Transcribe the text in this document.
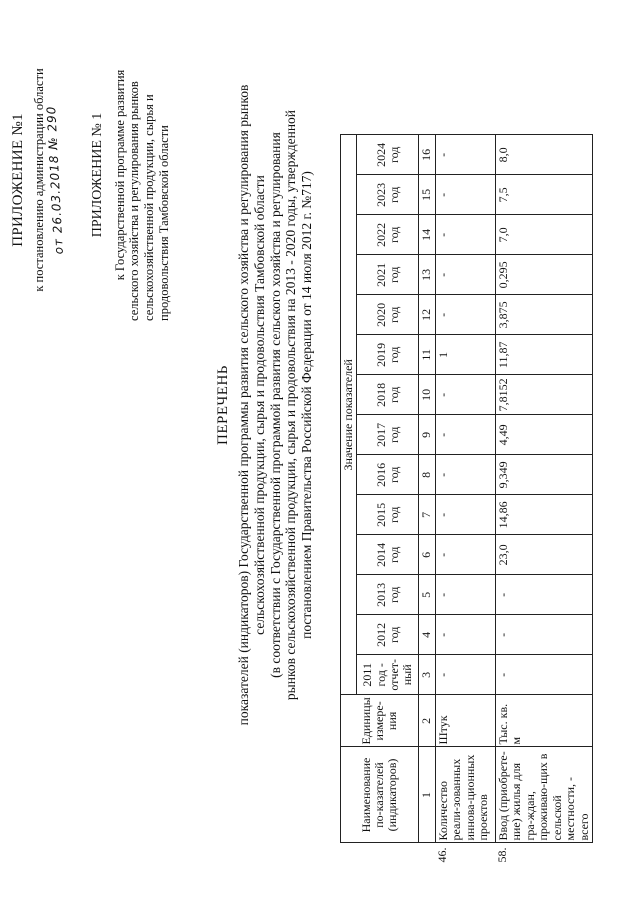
ПРИЛОЖЕНИЕ №1 к постановлению администрации области
от 26.03.2018 № 290	ПРИЛОЖЕНИЕ № 1 к Государственной программе развития сельского хозяйства и регулирования рынков сельскохозяйственной продукции, сырья и продовольствия Тамбовской области
ПЕРЕЧЕНЬ показателей (индикаторов) Государственной программы развития сельского хозяйства и регулирования рынков сельскохозяйственной продукции, сырья и продовольствия Тамбовской области (в соответствии с Государственной программой развития сельского хозяйства и регулирования рынков сельскохозяйственной продукции, сырья и продовольствия на 2013 - 2020 годы, утвержденной постановлением Правительства Российской Федерации от 14 июля 2012 г. №717)
	Наименование по-казателей (индикаторов)	Единицы измере-ния	Значение показателей													
			2011 год - отчет-ный	2012 год	2013 год	2014 год	2015 год	2016 год	2017 год	2018 год	2019 год	2020 год	2021 год	2022 год	2023 год	2024 год
	1	2	3	4	5	6	7	8	9	10	11	12	13	14	15	16
46.	Количество реали-зованных иннова-ционных проектов	Штук	-	-	-	-	-	-	-	-	1	-	-	-	-	-
58.	Ввод (приобрете-ние) жилья для гра-ждан, проживаю-щих в сельской местности, - всего	Тыс. кв. м	-	-	-	23,0	14,86	9,349	4,49	7,8152	11,87	3,875	0,295	7,0	7,5	8,0
